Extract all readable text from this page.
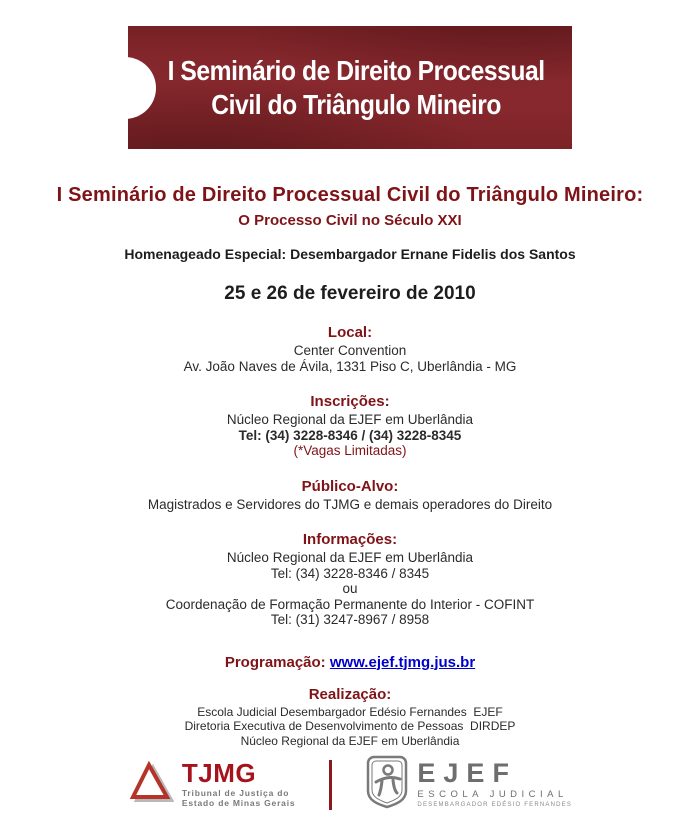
I Seminário de Direito Processual
Civil do Triângulo Mineiro
I Seminário de Direito Processual Civil do Triângulo Mineiro:
O Processo Civil no Século XXI
Homenageado Especial: Desembargador Ernane Fidelis dos Santos
25 e 26 de fevereiro de 2010
Local:
Center Convention
Av. João Naves de Ávila, 1331 Piso C, Uberlândia - MG
Inscrições:
Núcleo Regional da EJEF em Uberlândia
Tel: (34) 3228-8346 / (34) 3228-8345
(*Vagas Limitadas)
Público-Alvo:
Magistrados e Servidores do TJMG e demais operadores do Direito
Informações:
Núcleo Regional da EJEF em Uberlândia
Tel: (34) 3228-8346 / 8345
ou
Coordenação de Formação Permanente do Interior - COFINT
Tel: (31) 3247-8967 / 8958
Programação: www.ejef.tjmg.jus.br
Realização:
Escola Judicial Desembargador Edésio Fernandes  EJEF
Diretoria Executiva de Desenvolvimento de Pessoas  DIRDEP
Núcleo Regional da EJEF em Uberlândia
TJMG
Tribunal de Justiça do
Estado de Minas Gerais
EJEF
ESCOLA JUDICIAL
DESEMBARGADOR EDÉSIO FERNANDES
